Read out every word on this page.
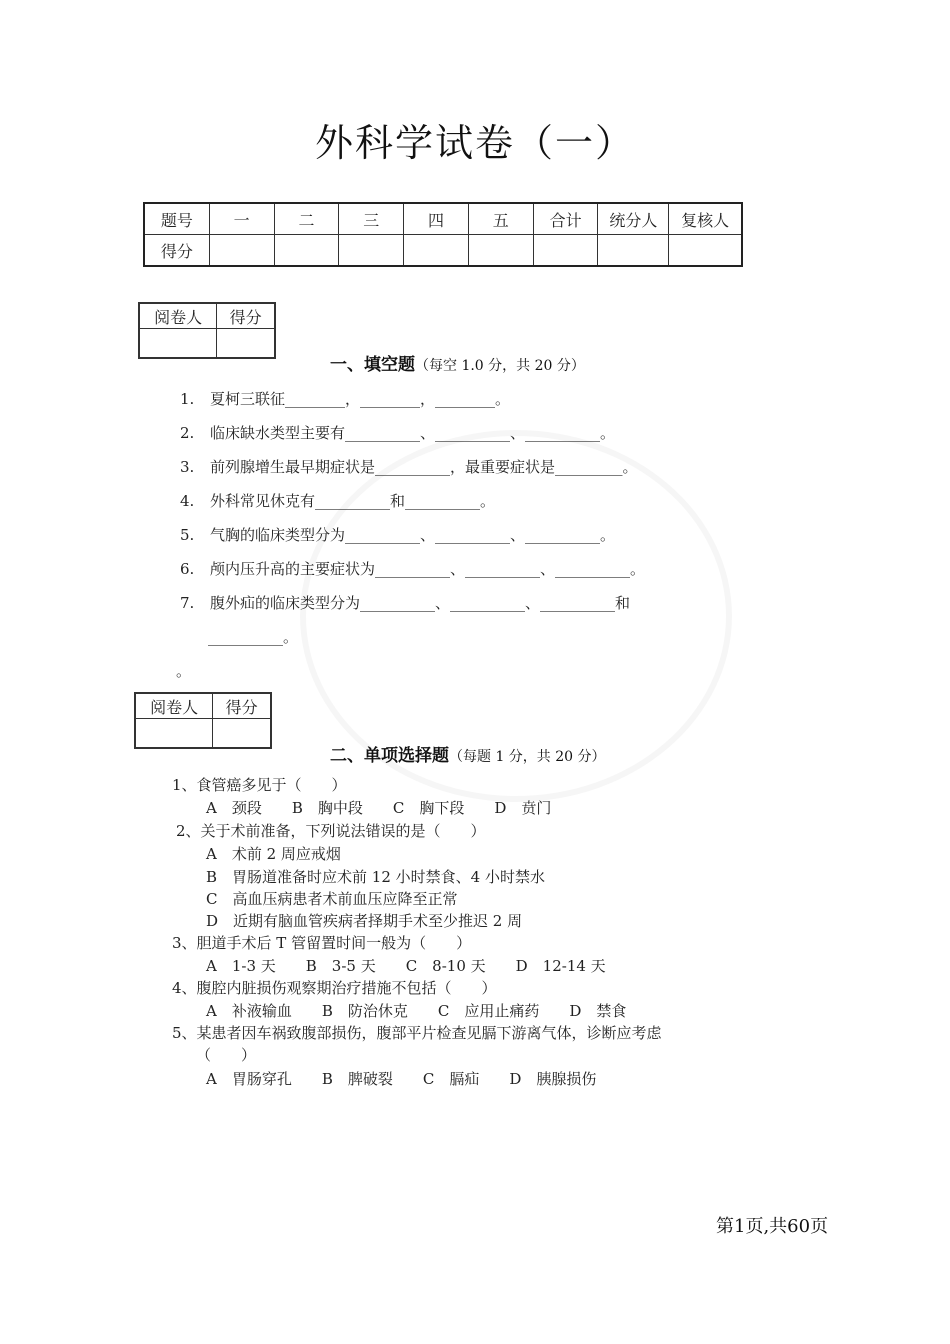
外科学试卷（一）
题号	一	二	三	四	五	合计	统分人	复核人
得分								
阅卷人	得分

一、填空题（每空 1.0 分，共 20 分）
1. 夏柯三联征________，________，________。
2. 临床缺水类型主要有__________、__________、__________。
3. 前列腺增生最早期症状是__________，最重要症状是_________。
4. 外科常见休克有__________和__________。
5. 气胸的临床类型分为__________、__________、__________。
6. 颅内压升高的主要症状为__________、__________、__________。
7. 腹外疝的临床类型分为__________、__________、__________和
__________。
。
阅卷人	得分

二、单项选择题（每题 1 分，共 20 分）
1、食管癌多见于（　　）
A　颈段　　B　胸中段　　C　胸下段　　D　贲门
2、关于术前准备，下列说法错误的是（　　）
A　术前 2 周应戒烟
B　胃肠道准备时应术前 12 小时禁食、4 小时禁水
C　高血压病患者术前血压应降至正常
D　近期有脑血管疾病者择期手术至少推迟 2 周
3、胆道手术后 T 管留置时间一般为（　　）
A　1-3 天　　B　3-5 天　　C　8-10 天　　D　12-14 天
4、腹腔内脏损伤观察期治疗措施不包括（　　）
A　补液输血　　B　防治休克　　C　应用止痛药　　D　禁食
5、某患者因车祸致腹部损伤，腹部平片检查见膈下游离气体，诊断应考虑
（　　）
A　胃肠穿孔　　B　脾破裂　　C　膈疝　　D　胰腺损伤
第1页,共60页
